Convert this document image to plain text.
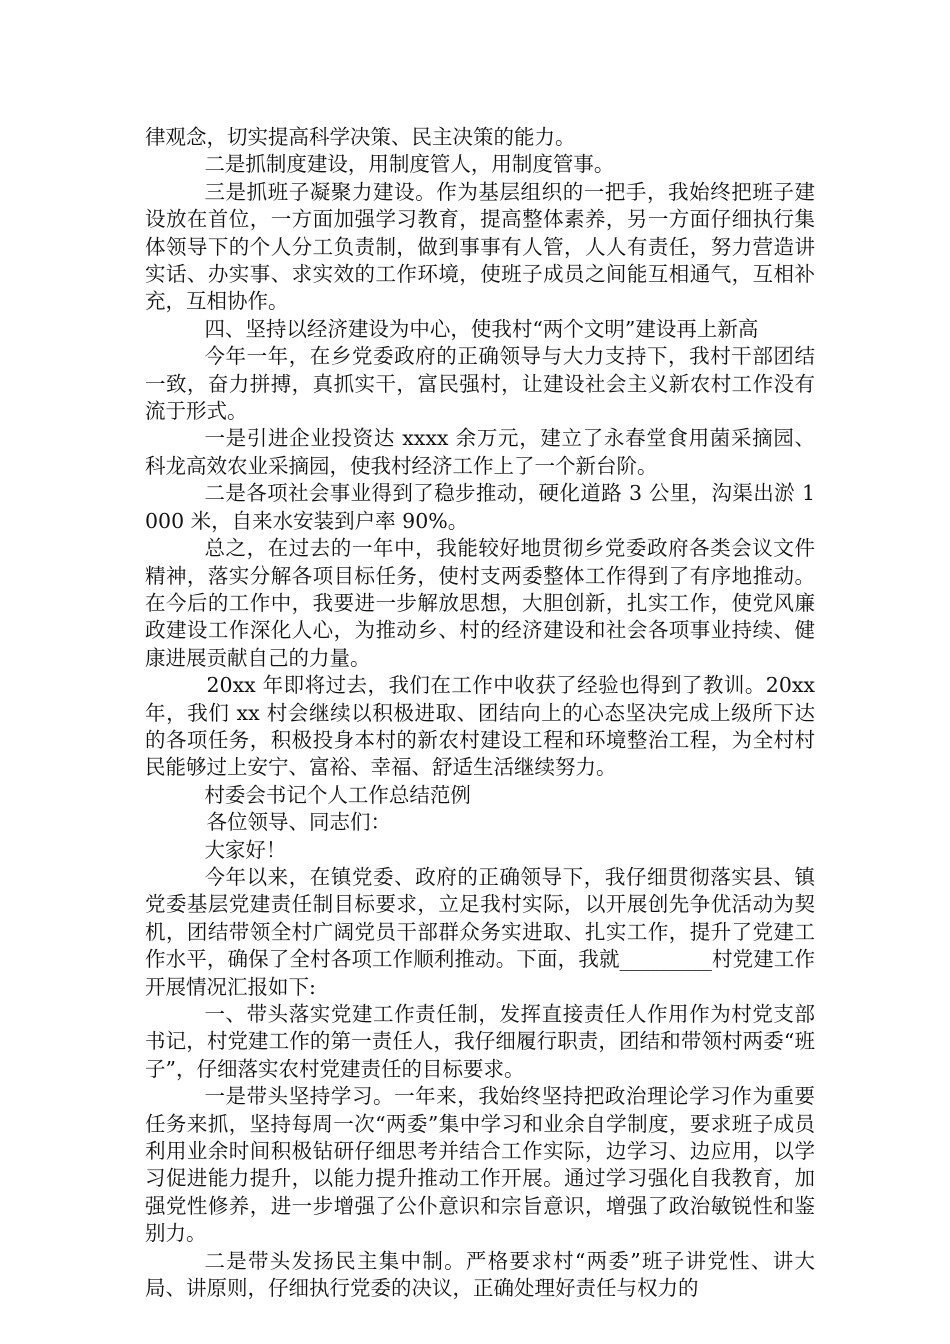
律观念，切实提高科学决策、民主决策的能力。

二是抓制度建设，用制度管人，用制度管事。

三是抓班子凝聚力建设。作为基层组织的一把手，我始终把班子建设放在首位，一方面加强学习教育，提高整体素养，另一方面仔细执行集体领导下的个人分工负责制，做到事事有人管，人人有责任，努力营造讲实话、办实事、求实效的工作环境，使班子成员之间能互相通气，互相补充，互相协作。

四、坚持以经济建设为中心，使我村“两个文明”建设再上新高

今年一年，在乡党委政府的正确领导与大力支持下，我村干部团结一致，奋力拼搏，真抓实干，富民强村，让建设社会主义新农村工作没有流于形式。

一是引进企业投资达 xxxx 余万元，建立了永春堂食用菌采摘园、科龙高效农业采摘园，使我村经济工作上了一个新台阶。

二是各项社会事业得到了稳步推动，硬化道路 3 公里，沟渠出淤 1000 米，自来水安装到户率 90%。

总之，在过去的一年中，我能较好地贯彻乡党委政府各类会议文件精神，落实分解各项目标任务，使村支两委整体工作得到了有序地推动。在今后的工作中，我要进一步解放思想，大胆创新，扎实工作，使党风廉政建设工作深化人心，为推动乡、村的经济建设和社会各项事业持续、健康进展贡献自己的力量。

20xx 年即将过去，我们在工作中收获了经验也得到了教训。20xx 年，我们 xx 村会继续以积极进取、团结向上的心态坚决完成上级所下达的各项任务，积极投身本村的新农村建设工程和环境整治工程，为全村村民能够过上安宁、富裕、幸福、舒适生活继续努力。

村委会书记个人工作总结范例

各位领导、同志们：

大家好！

今年以来，在镇党委、政府的正确领导下，我仔细贯彻落实县、镇党委基层党建责任制目标要求，立足我村实际，以开展创先争优活动为契机，团结带领全村广阔党员干部群众务实进取、扎实工作，提升了党建工作水平，确保了全村各项工作顺利推动。下面，我就_________村党建工作开展情况汇报如下:

一、带头落实党建工作责任制，发挥直接责任人作用作为村党支部书记，村党建工作的第一责任人，我仔细履行职责，团结和带领村两委“班子”，仔细落实农村党建责任的目标要求。

一是带头坚持学习。一年来，我始终坚持把政治理论学习作为重要任务来抓，坚持每周一次“两委”集中学习和业余自学制度，要求班子成员利用业余时间积极钻研仔细思考并结合工作实际，边学习、边应用，以学习促进能力提升，以能力提升推动工作开展。通过学习强化自我教育，加强党性修养，进一步增强了公仆意识和宗旨意识，增强了政治敏锐性和鉴别力。

二是带头发扬民主集中制。严格要求村“两委”班子讲党性、讲大局、讲原则，仔细执行党委的决议，正确处理好责任与权力的
